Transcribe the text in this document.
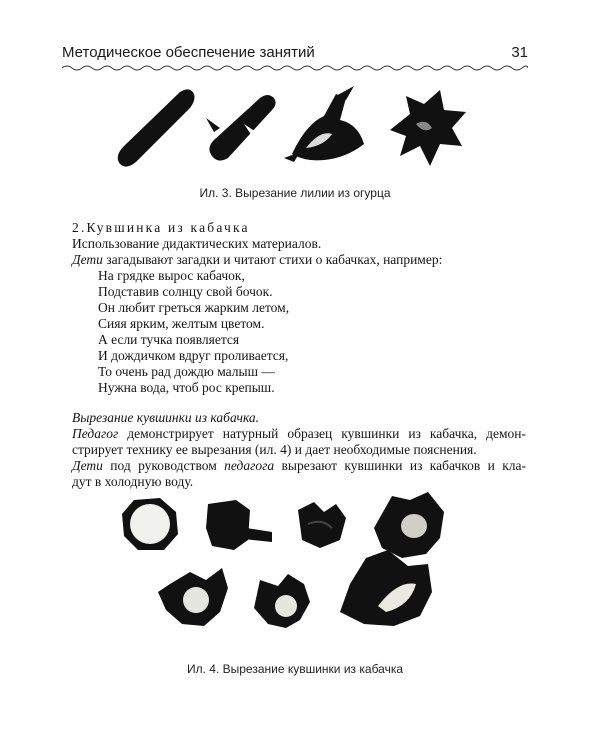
Методическое обеспечение занятий	31
Ил. 3. Вырезание лилии из огурца
2.Кувшинка из кабачка
Использование дидактических материалов.
Дети загадывают загадки и читают стихи о кабачках, например:
На грядке вырос кабачок,
Подставив солнцу свой бочок.
Он любит греться жарким летом,
Сияя ярким, желтым цветом.
А если тучка появляется
И дождичком вдруг проливается,
То очень рад дождю малыш —
Нужна вода, чтоб рос крепыш.
Вырезание кувшинки из кабачка.
Педагог демонстрирует натурный образец кувшинки из кабачка, демон-
стрирует технику ее вырезания (ил. 4) и дает необходимые пояснения.
Дети под руководством педагога вырезают кувшинки из кабачков и кла-
дут в холодную воду.
Ил. 4. Вырезание кувшинки из кабачка
